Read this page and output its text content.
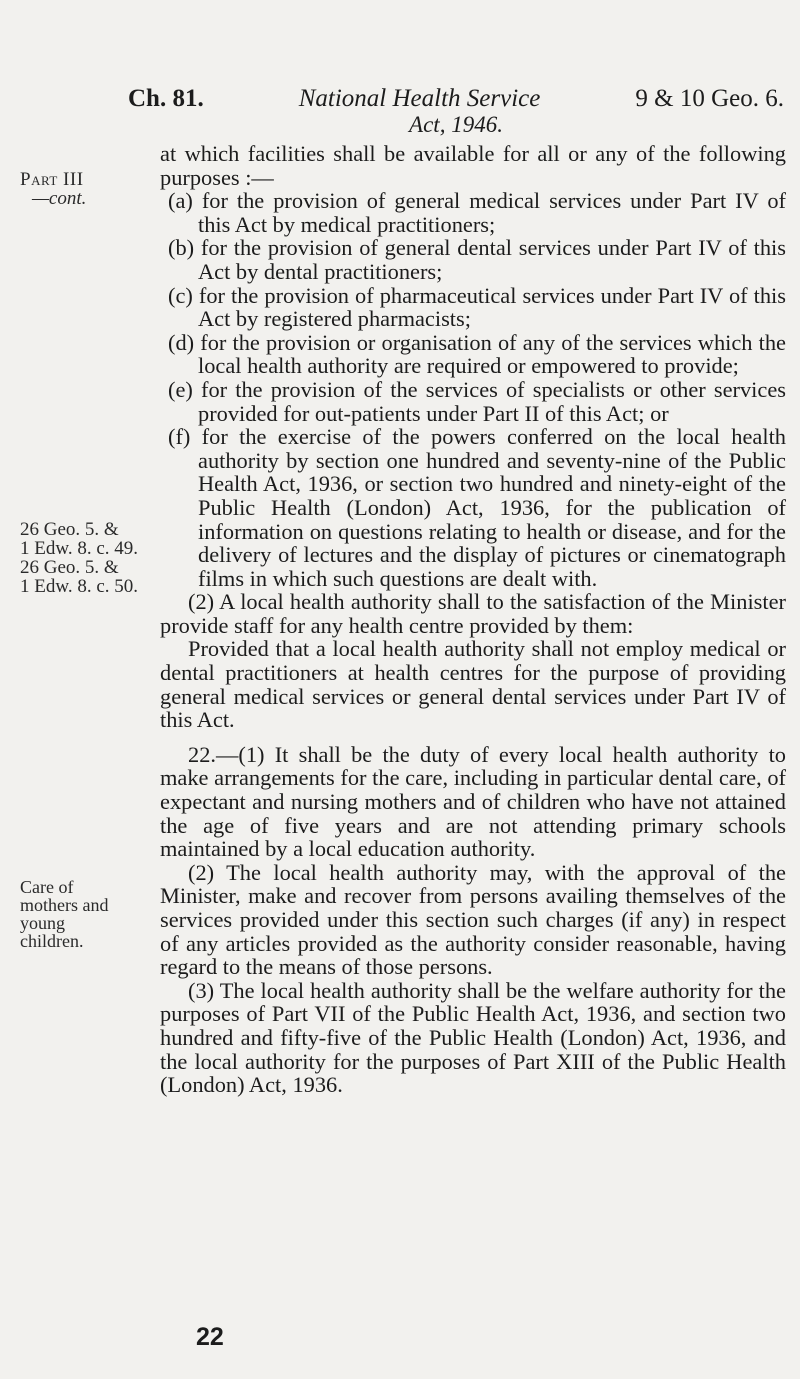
Ch. 81.	National Health Service	9 & 10 Geo. 6.
Act, 1946.
Part III
—cont.
26 Geo. 5. &
1 Edw. 8. c. 49.
26 Geo. 5. &
1 Edw. 8. c. 50.
Care of
mothers and
young
children.

at which facilities shall be available for all or any of the following purposes :—

(a) for the provision of general medical services under Part IV of this Act by medical practitioners;

(b) for the provision of general dental services under Part IV of this Act by dental practitioners;

(c) for the provision of pharmaceutical services under Part IV of this Act by registered pharmacists;

(d) for the provision or organisation of any of the services which the local health authority are required or empowered to provide;

(e) for the provision of the services of specialists or other services provided for out-patients under Part II of this Act; or

(f) for the exercise of the powers conferred on the local health authority by section one hundred and seventy-nine of the Public Health Act, 1936, or section two hundred and ninety-eight of the Public Health (London) Act, 1936, for the publication of information on questions relating to health or disease, and for the delivery of lectures and the display of pictures or cinematograph films in which such questions are dealt with.

(2) A local health authority shall to the satisfaction of the Minister provide staff for any health centre provided by them:

Provided that a local health authority shall not employ medical or dental practitioners at health centres for the purpose of providing general medical services or general dental services under Part IV of this Act.

22.—(1) It shall be the duty of every local health authority to make arrangements for the care, including in particular dental care, of expectant and nursing mothers and of children who have not attained the age of five years and are not attending primary schools maintained by a local education authority.

(2) The local health authority may, with the approval of the Minister, make and recover from persons availing themselves of the services provided under this section such charges (if any) in respect of any articles provided as the authority consider reasonable, having regard to the means of those persons.

(3) The local health authority shall be the welfare authority for the purposes of Part VII of the Public Health Act, 1936, and section two hundred and fifty-five of the Public Health (London) Act, 1936, and the local authority for the purposes of Part XIII of the Public Health (London) Act, 1936.

22
